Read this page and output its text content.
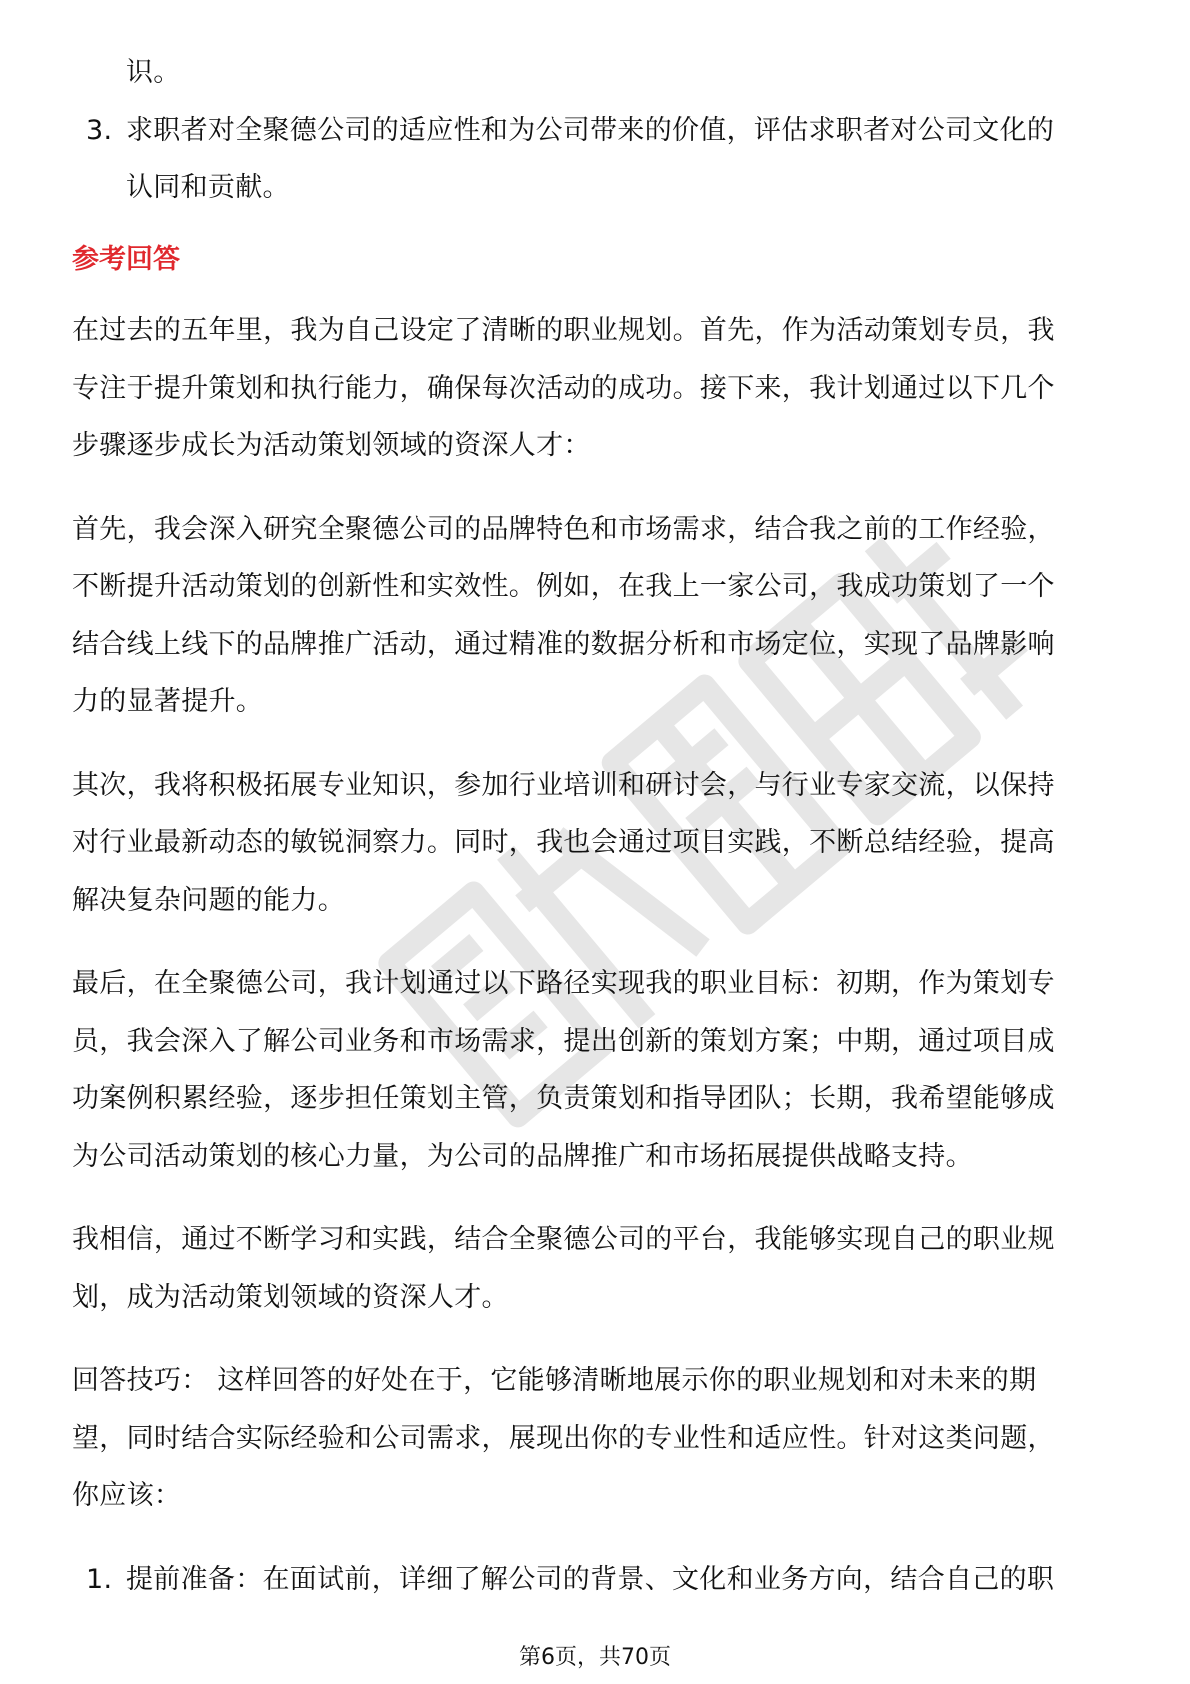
识。
3. 求职者对全聚德公司的适应性和为公司带来的价值，评估求职者对公司文化的
认同和贡献。
参考回答
在过去的五年里，我为自己设定了清晰的职业规划。首先，作为活动策划专员，我
专注于提升策划和执行能力，确保每次活动的成功。接下来，我计划通过以下几个
步骤逐步成长为活动策划领域的资深人才：
首先，我会深入研究全聚德公司的品牌特色和市场需求，结合我之前的工作经验，
不断提升活动策划的创新性和实效性。例如，在我上一家公司，我成功策划了一个
结合线上线下的品牌推广活动，通过精准的数据分析和市场定位，实现了品牌影响
力的显著提升。
其次，我将积极拓展专业知识，参加行业培训和研讨会，与行业专家交流，以保持
对行业最新动态的敏锐洞察力。同时，我也会通过项目实践，不断总结经验，提高
解决复杂问题的能力。
最后，在全聚德公司，我计划通过以下路径实现我的职业目标：初期，作为策划专
员，我会深入了解公司业务和市场需求，提出创新的策划方案；中期，通过项目成
功案例积累经验，逐步担任策划主管，负责策划和指导团队；长期，我希望能够成
为公司活动策划的核心力量，为公司的品牌推广和市场拓展提供战略支持。
我相信，通过不断学习和实践，结合全聚德公司的平台，我能够实现自己的职业规
划，成为活动策划领域的资深人才。
回答技巧： 这样回答的好处在于，它能够清晰地展示你的职业规划和对未来的期
望，同时结合实际经验和公司需求，展现出你的专业性和适应性。针对这类问题，
你应该：
1. 提前准备：在面试前，详细了解公司的背景、文化和业务方向，结合自己的职
第6页，共70页
